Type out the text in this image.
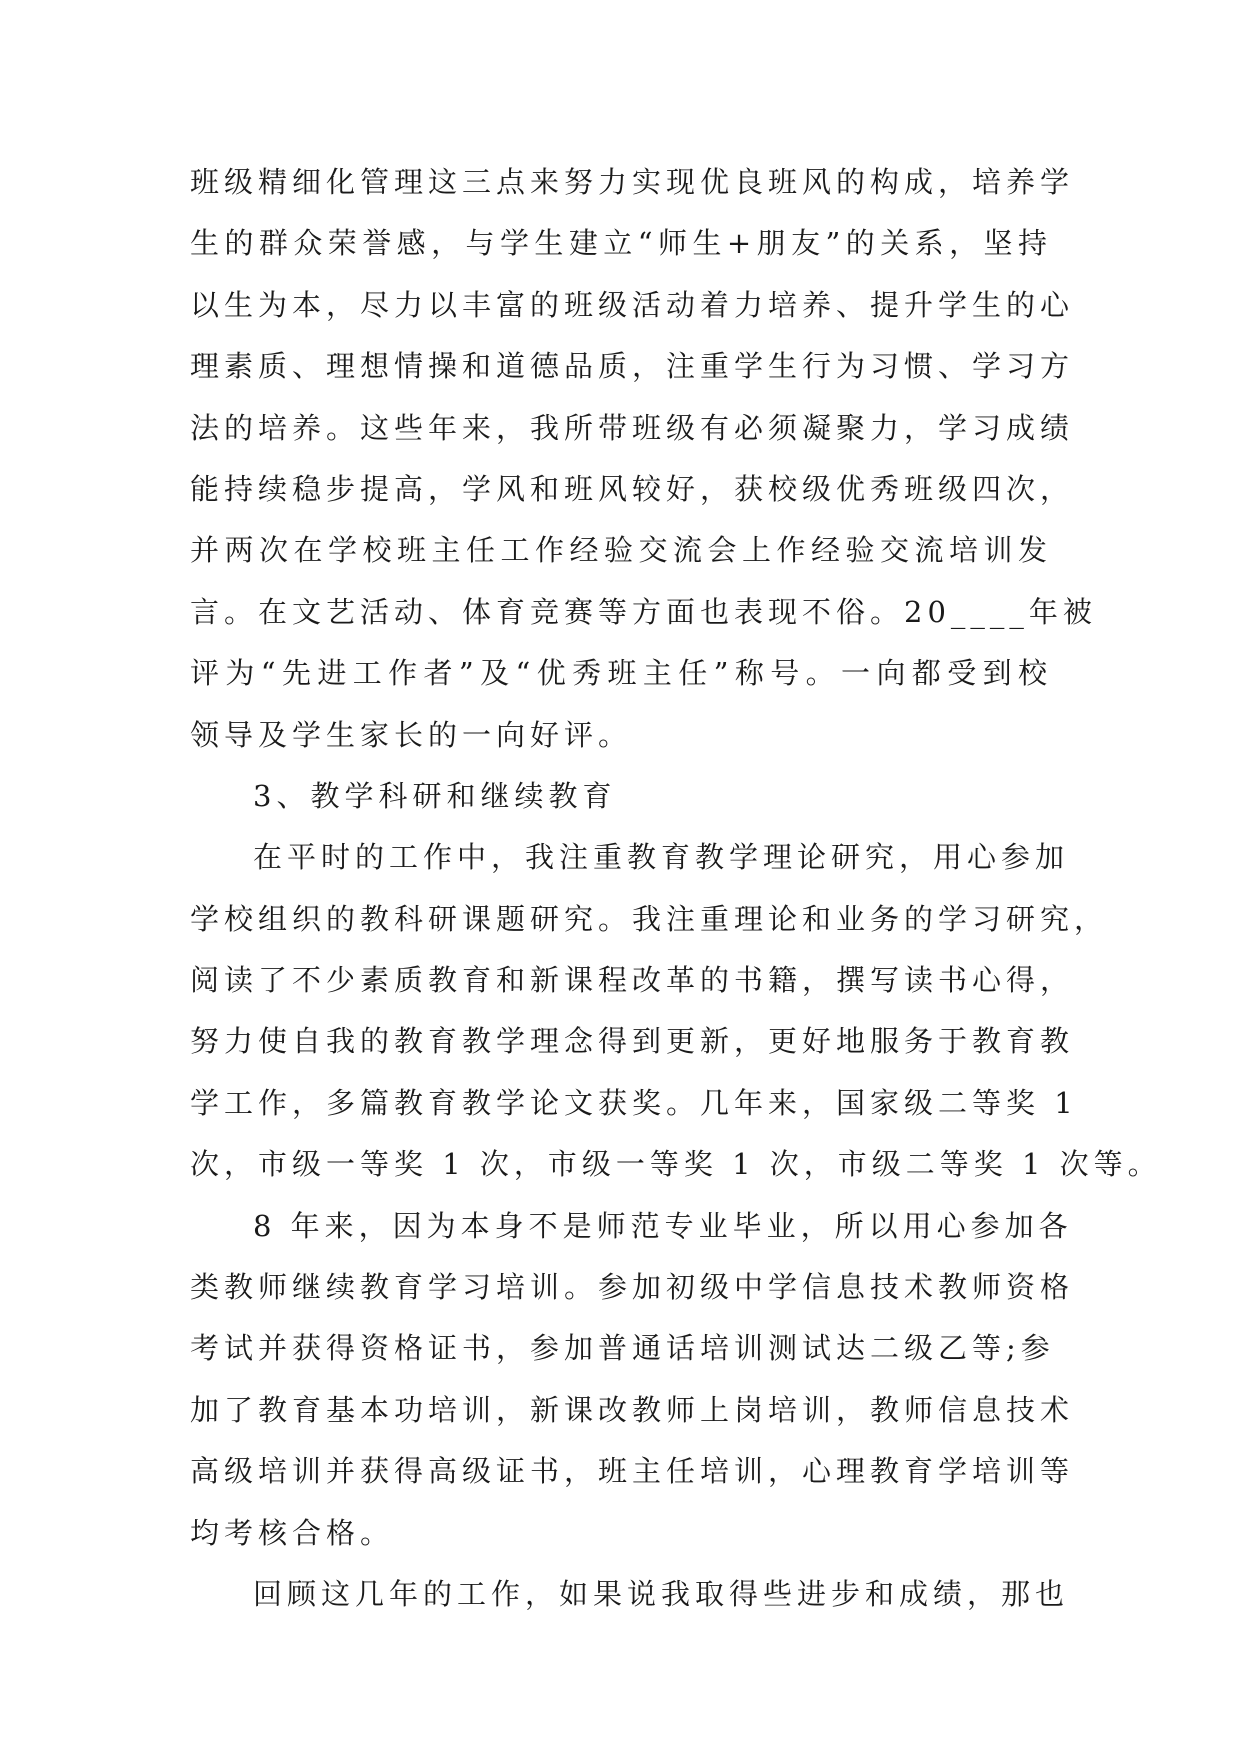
班级精细化管理这三点来努力实现优良班风的构成，培养学
生的群众荣誉感，与学生建立“师生+朋友”的关系，坚持
以生为本，尽力以丰富的班级活动着力培养、提升学生的心
理素质、理想情操和道德品质，注重学生行为习惯、学习方
法的培养。这些年来，我所带班级有必须凝聚力，学习成绩
能持续稳步提高，学风和班风较好，获校级优秀班级四次，
并两次在学校班主任工作经验交流会上作经验交流培训发
言。在文艺活动、体育竞赛等方面也表现不俗。20____年被
评为“先进工作者”及“优秀班主任”称号。一向都受到校
领导及学生家长的一向好评。
3、教学科研和继续教育
在平时的工作中，我注重教育教学理论研究，用心参加
学校组织的教科研课题研究。我注重理论和业务的学习研究，
阅读了不少素质教育和新课程改革的书籍，撰写读书心得，
努力使自我的教育教学理念得到更新，更好地服务于教育教
学工作，多篇教育教学论文获奖。几年来，国家级二等奖 1
次，市级一等奖 1 次，市级一等奖 1 次，市级二等奖 1 次等。
8 年来，因为本身不是师范专业毕业，所以用心参加各
类教师继续教育学习培训。参加初级中学信息技术教师资格
考试并获得资格证书，参加普通话培训测试达二级乙等;参
加了教育基本功培训，新课改教师上岗培训，教师信息技术
高级培训并获得高级证书，班主任培训，心理教育学培训等
均考核合格。
回顾这几年的工作，如果说我取得些进步和成绩，那也
